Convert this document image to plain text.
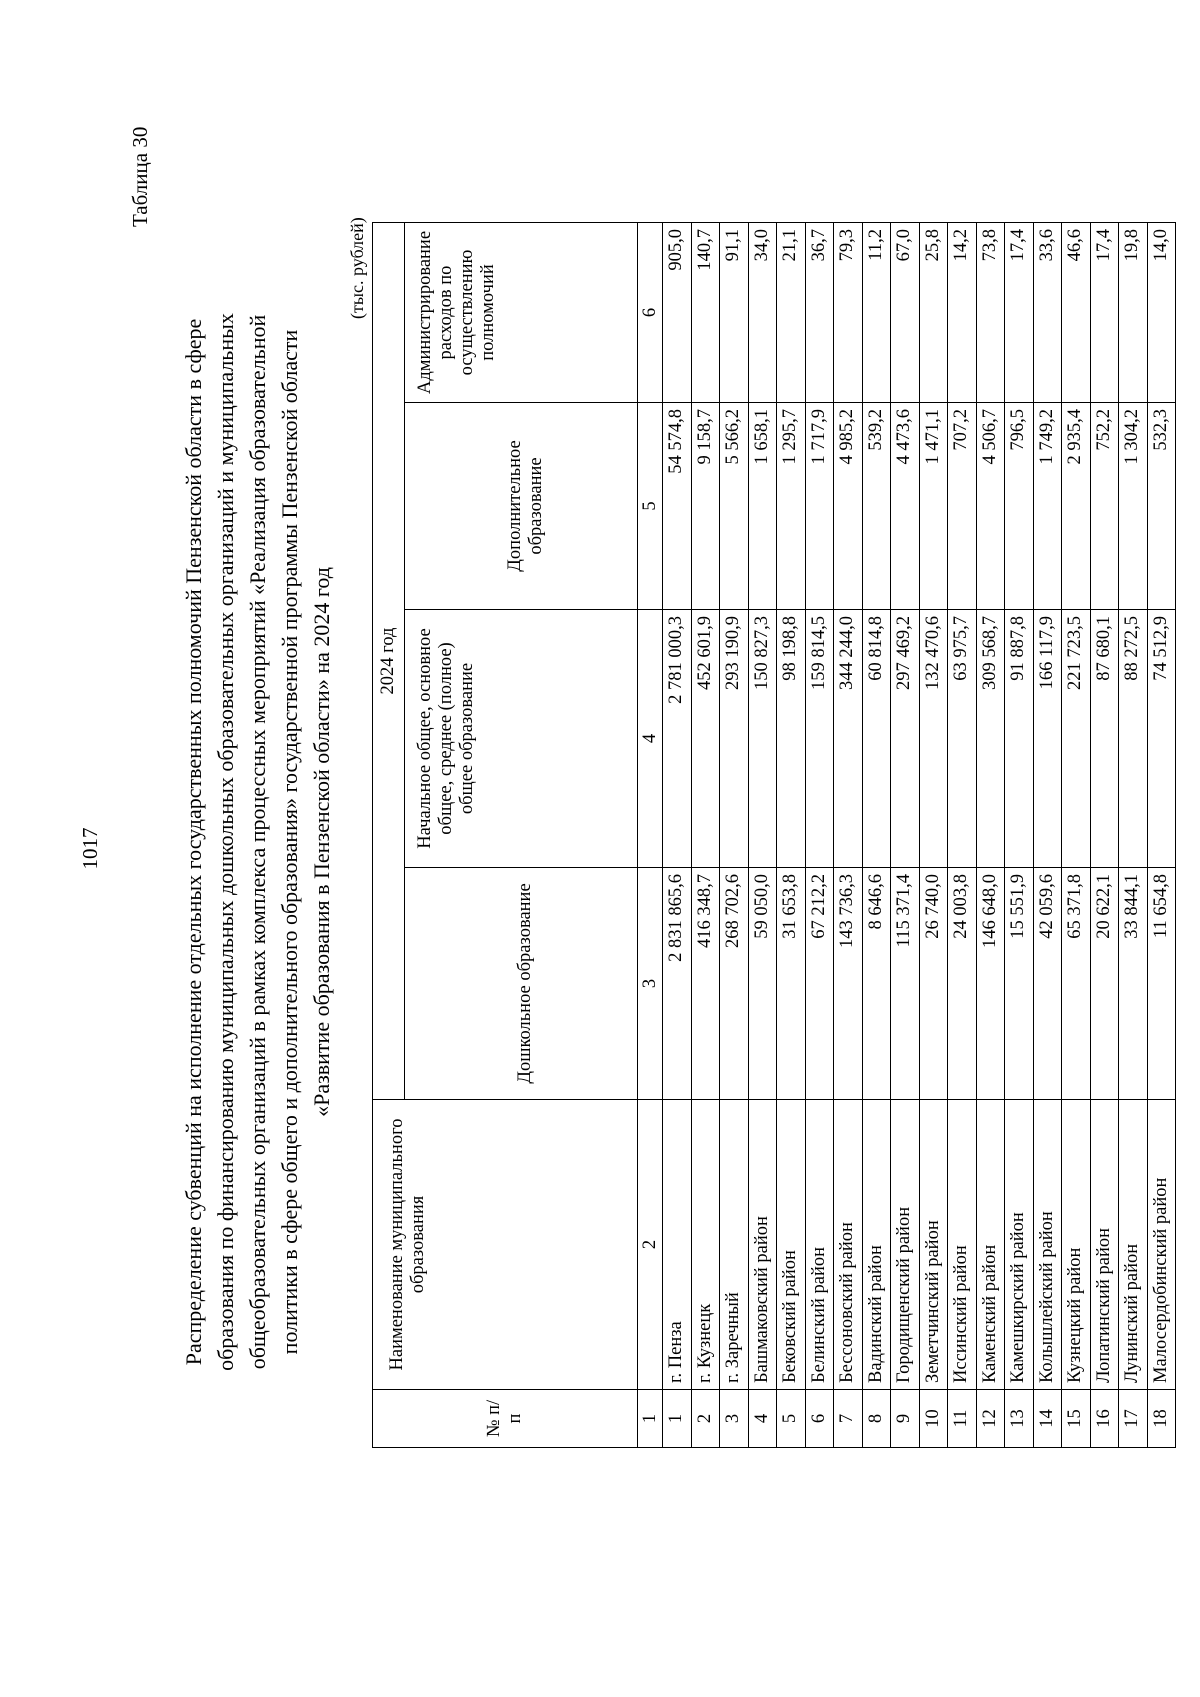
1017
Таблица 30
Распределение субвенций на исполнение отдельных государственных полномочий Пензенской области в сфере образования по финансированию муниципальных дошкольных образовательных организаций и муниципальных общеобразовательных организаций в рамках комплекса процессных мероприятий «Реализация образовательной политики в сфере общего и дополнительного образования» государственной программы Пензенской области «Развитие образования в Пензенской области» на 2024 год
(тыс. рублей)
№ п/п	Наименование муниципального образования	2024 год			
		Дошкольное образование	Начальное общее, основное общее, среднее (полное) общее образование	Дополнительное образование	Администрирование расходов по осуществлению полномочий
1	2	3	4	5	6
1	г. Пенза	2 831 865,6	2 781 000,3	54 574,8	905,0
2	г. Кузнецк	416 348,7	452 601,9	9 158,7	140,7
3	г. Заречный	268 702,6	293 190,9	5 566,2	91,1
4	Башмаковский район	59 050,0	150 827,3	1 658,1	34,0
5	Бековский район	31 653,8	98 198,8	1 295,7	21,1
6	Белинский район	67 212,2	159 814,5	1 717,9	36,7
7	Бессоновский район	143 736,3	344 244,0	4 985,2	79,3
8	Вадинский район	8 646,6	60 814,8	539,2	11,2
9	Городищенский район	115 371,4	297 469,2	4 473,6	67,0
10	Земетчинский район	26 740,0	132 470,6	1 471,1	25,8
11	Иссинский район	24 003,8	63 975,7	707,2	14,2
12	Каменский район	146 648,0	309 568,7	4 506,7	73,8
13	Камешкирский район	15 551,9	91 887,8	796,5	17,4
14	Колышлейский район	42 059,6	166 117,9	1 749,2	33,6
15	Кузнецкий район	65 371,8	221 723,5	2 935,4	46,6
16	Лопатинский район	20 622,1	87 680,1	752,2	17,4
17	Лунинский район	33 844,1	88 272,5	1 304,2	19,8
18	Малосердобинский район	11 654,8	74 512,9	532,3	14,0
